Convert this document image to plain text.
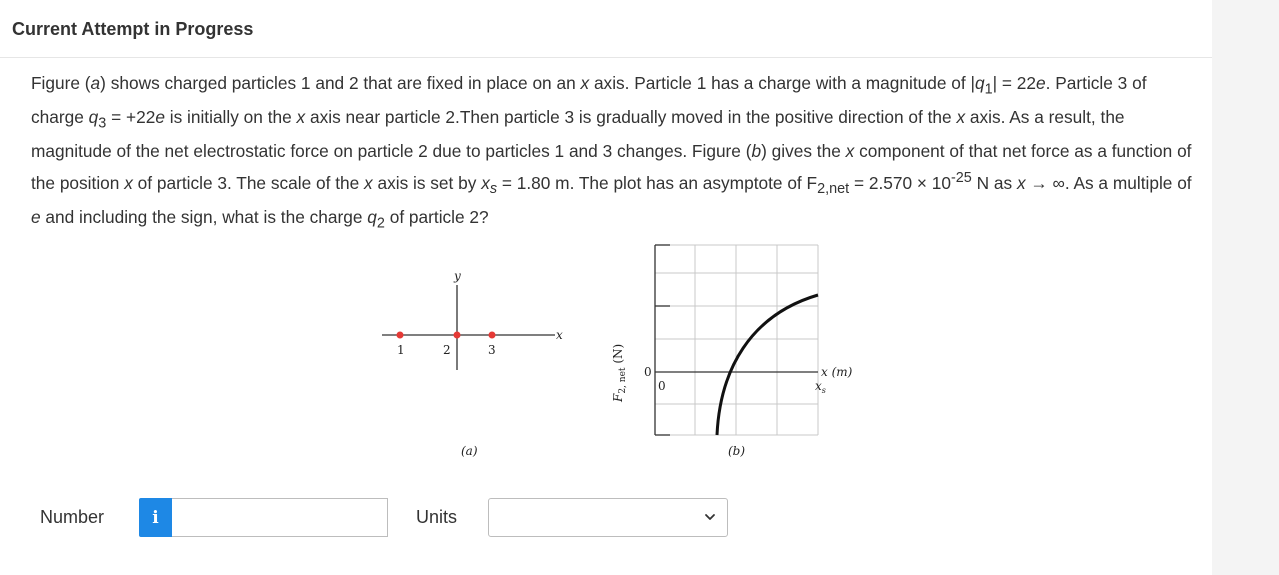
Current Attempt in Progress
Figure (a) shows charged particles 1 and 2 that are fixed in place on an x axis. Particle 1 has a charge with a magnitude of $|q_1| = 22e$. Particle 3 of charge $q_3 = +22e$ is initially on the x axis near particle 2.Then particle 3 is gradually moved in the positive direction of the x axis. As a result, the magnitude of the net electrostatic force on particle 2 due to particles 1 and 3 changes. Figure (b) gives the x component of that net force as a function of the position x of particle 3. The scale of the x axis is set by $x_s = 1.80$ m. The plot has an asymptote of $F_{2,net} = 2.570 \times 10^{-25}$ N as x → ∞. As a multiple of e and including the sign, what is the charge $q_2$ of particle 2?
y
x
1	2	3
(a)
0
0
x (m)
$x_s$
$F_{2, net}$ (N)
(b)
Number	i	Units
